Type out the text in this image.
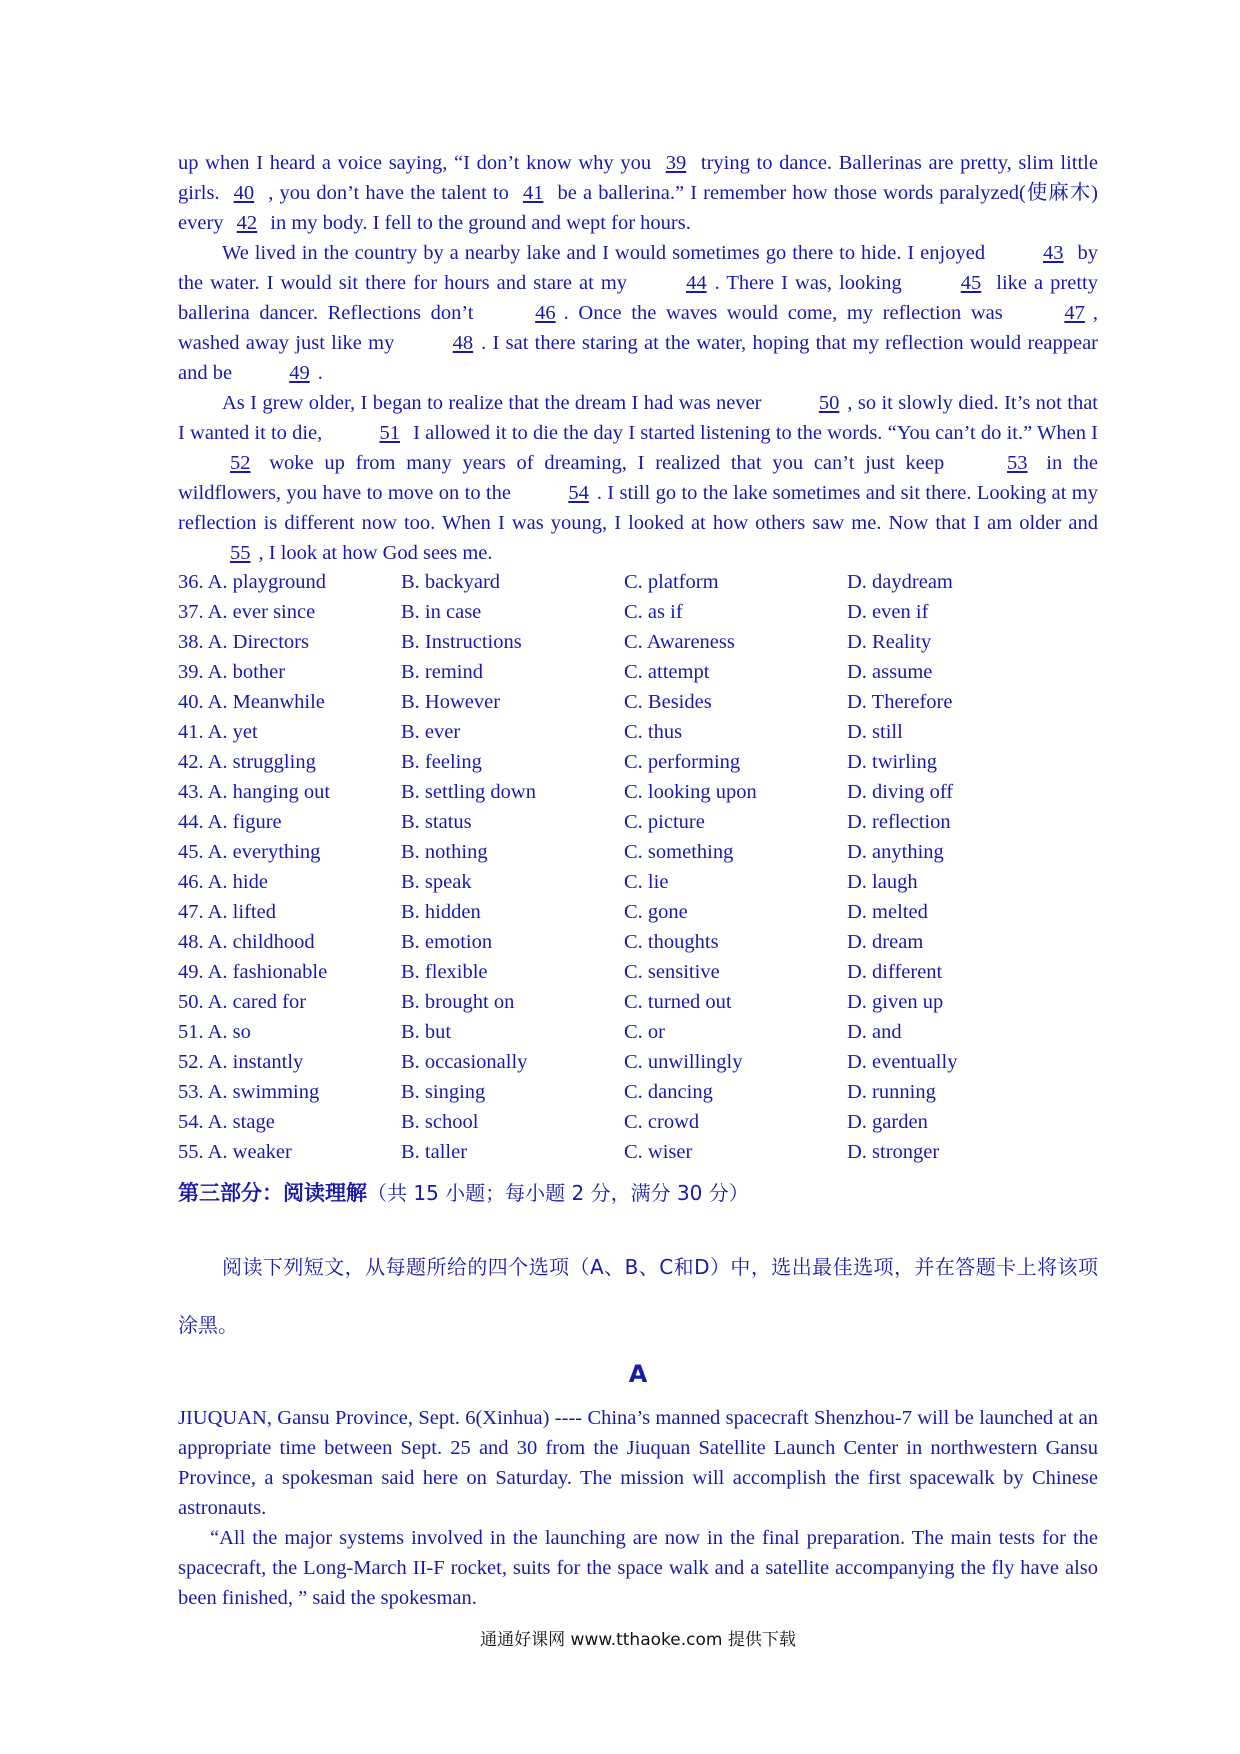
up when I heard a voice saying, “I don’t know why you 39 trying to dance. Ballerinas are pretty, slim little girls. 40 , you don’t have the talent to 41 be a ballerina.” I remember how those words paralyzed(使麻木) every 42 in my body. I fell to the ground and wept for hours.

We lived in the country by a nearby lake and I would sometimes go there to hide. I enjoyed	43 by the water. I would sit there for hours and stare at my	44 . There I was, looking	45 like a pretty ballerina dancer. Reflections don’t	46 . Once the waves would come, my reflection was	47 , washed away just like my	48 . I sat there staring at the water, hoping that my reflection would reappear and be	49 .

As I grew older, I began to realize that the dream I had was never	50 , so it slowly died. It’s not that I wanted it to die,	51 I allowed it to die the day I started listening to the words. “You can’t do it.” When I 52 woke up from many years of dreaming, I realized that you can’t just keep	53 in the wildflowers, you have to move on to the	54 . I still go to the lake sometimes and sit there. Looking at my reflection is different now too. When I was young, I looked at how others saw me. Now that I am older and 55 , I look at how God sees me.

36. A. playground	B. backyard	C. platform	D. daydream
37. A. ever since	B. in case	C. as if	D. even if
38. A. Directors	B. Instructions	C. Awareness	D. Reality
39. A. bother	B. remind	C. attempt	D. assume
40. A. Meanwhile	B. However	C. Besides	D. Therefore
41. A. yet	B. ever	C. thus	D. still
42. A. struggling	B. feeling	C. performing	D. twirling
43. A. hanging out	B. settling down	C. looking upon	D. diving off
44. A. figure	B. status	C. picture	D. reflection
45. A. everything	B. nothing	C. something	D. anything
46. A. hide	B. speak	C. lie	D. laugh
47. A. lifted	B. hidden	C. gone	D. melted
48. A. childhood	B. emotion	C. thoughts	D. dream
49. A. fashionable	B. flexible	C. sensitive	D. different
50. A. cared for	B. brought on	C. turned out	D. given up
51. A. so	B. but	C. or	D. and
52. A. instantly	B. occasionally	C. unwillingly	D. eventually
53. A. swimming	B. singing	C. dancing	D. running
54. A. stage	B. school	C. crowd	D. garden
55. A. weaker	B. taller	C. wiser	D. stronger
第三部分：阅读理解（共 15 小题；每小题 2 分，满分 30 分）
阅读下列短文，从每题所给的四个选项（A、B、C和D）中，选出最佳选项，并在答题卡上将该项涂黑。
A

JIUQUAN, Gansu Province, Sept. 6(Xinhua) ---- China’s manned spacecraft Shenzhou-7 will be launched at an appropriate time between Sept. 25 and 30 from the Jiuquan Satellite Launch Center in northwestern Gansu Province, a spokesman said here on Saturday. The mission will accomplish the first spacewalk by Chinese astronauts.

“All the major systems involved in the launching are now in the final preparation. The main tests for the spacecraft, the Long-March II-F rocket, suits for the space walk and a satellite accompanying the fly have also been finished, ” said the spokesman.

通通好课网 www.tthaoke.com 提供下载
